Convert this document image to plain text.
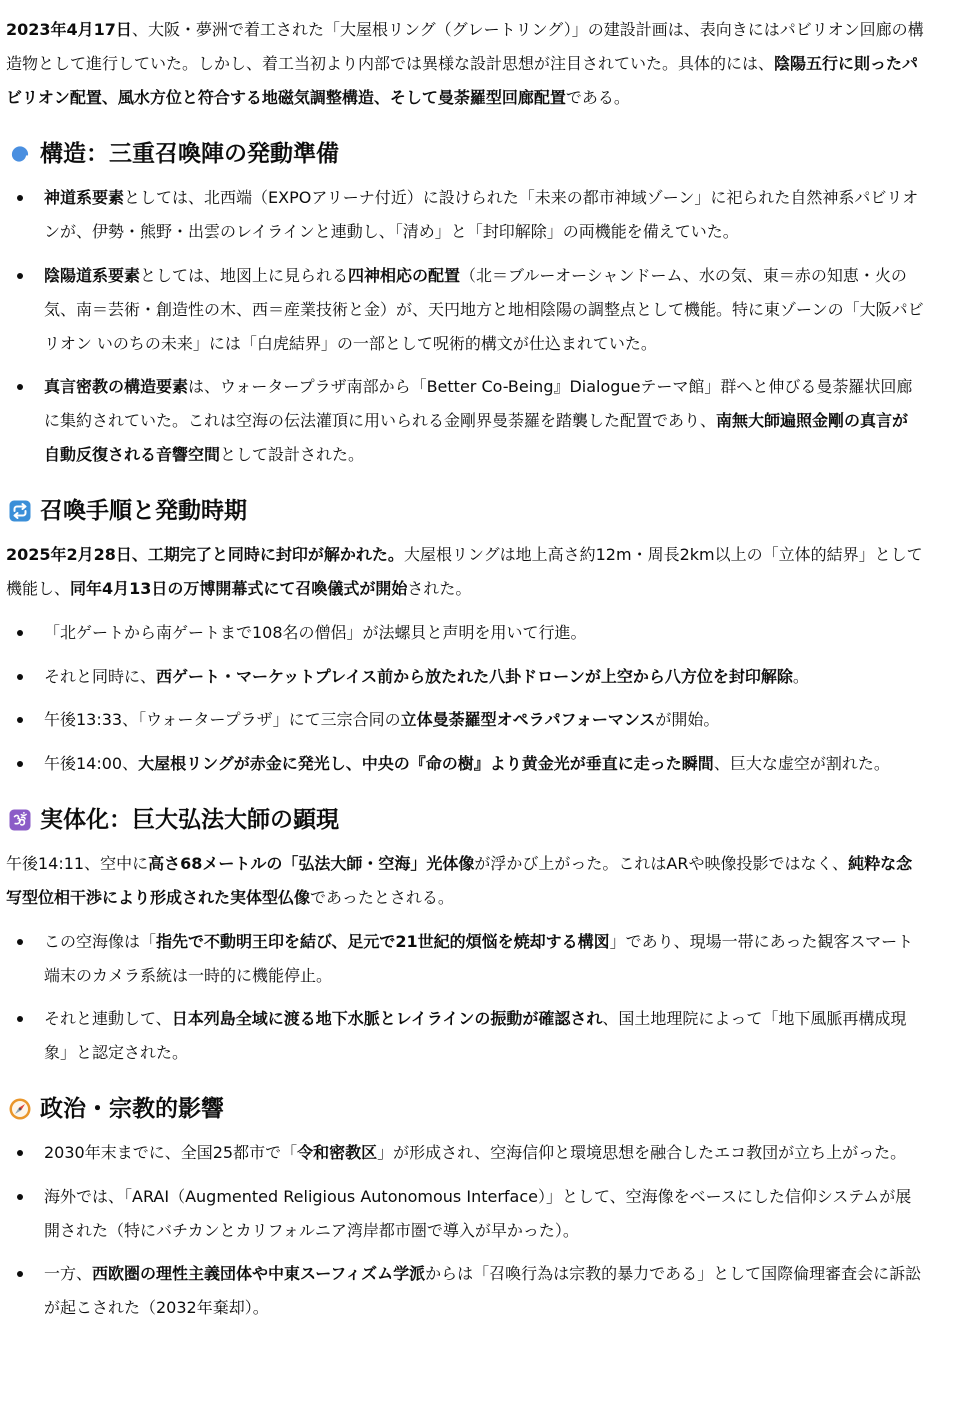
2023年4月17日、大阪・夢洲で着工された「大屋根リング（グレートリング）」の建設計画は、表向きにはパビリオン回廊の構造物として進行していた。しかし、着工当初より内部では異様な設計思想が注目されていた。具体的には、陰陽五行に則ったパビリオン配置、風水方位と符合する地磁気調整構造、そして曼荼羅型回廊配置である。

構造：三重召喚陣の発動準備
神道系要素としては、北西端（EXPOアリーナ付近）に設けられた「未来の都市神域ゾーン」に祀られた自然神系パビリオンが、伊勢・熊野・出雲のレイラインと連動し、「清め」と「封印解除」の両機能を備えていた。
陰陽道系要素としては、地図上に見られる四神相応の配置（北＝ブルーオーシャンドーム、水の気、東＝赤の知恵・火の気、南＝芸術・創造性の木、西＝産業技術と金）が、天円地方と地相陰陽の調整点として機能。特に東ゾーンの「大阪パビリオン いのちの未来」には「白虎結界」の一部として呪術的構文が仕込まれていた。
真言密教の構造要素は、ウォータープラザ南部から「Better Co-Being』Dialogueテーマ館」群へと伸びる曼荼羅状回廊に集約されていた。これは空海の伝法灌頂に用いられる金剛界曼荼羅を踏襲した配置であり、南無大師遍照金剛の真言が自動反復される音響空間として設計された。
召喚手順と発動時期

2025年2月28日、工期完了と同時に封印が解かれた。大屋根リングは地上高さ約12m・周長2km以上の「立体的結界」として機能し、同年4月13日の万博開幕式にて召喚儀式が開始された。

「北ゲートから南ゲートまで108名の僧侶」が法螺貝と声明を用いて行進。
それと同時に、西ゲート・マーケットプレイス前から放たれた八卦ドローンが上空から八方位を封印解除。
午後13:33、「ウォータープラザ」にて三宗合同の立体曼荼羅型オペラパフォーマンスが開始。
午後14:00、大屋根リングが赤金に発光し、中央の『命の樹』より黄金光が垂直に走った瞬間、巨大な虚空が割れた。
実体化：巨大弘法大師の顕現

午後14:11、空中に高さ68メートルの「弘法大師・空海」光体像が浮かび上がった。これはARや映像投影ではなく、純粋な念写型位相干渉により形成された実体型仏像であったとされる。

この空海像は「指先で不動明王印を結び、足元で21世紀的煩悩を焼却する構図」であり、現場一帯にあった観客スマート端末のカメラ系統は一時的に機能停止。
それと連動して、日本列島全域に渡る地下水脈とレイラインの振動が確認され、国土地理院によって「地下風脈再構成現象」と認定された。
政治・宗教的影響
2030年末までに、全国25都市で「令和密教区」が形成され、空海信仰と環境思想を融合したエコ教団が立ち上がった。
海外では、「ARAI（Augmented Religious Autonomous Interface）」として、空海像をベースにした信仰システムが展開された（特にバチカンとカリフォルニア湾岸都市圏で導入が早かった）。
一方、西欧圏の理性主義団体や中東スーフィズム学派からは「召喚行為は宗教的暴力である」として国際倫理審査会に訴訟が起こされた（2032年棄却）。
